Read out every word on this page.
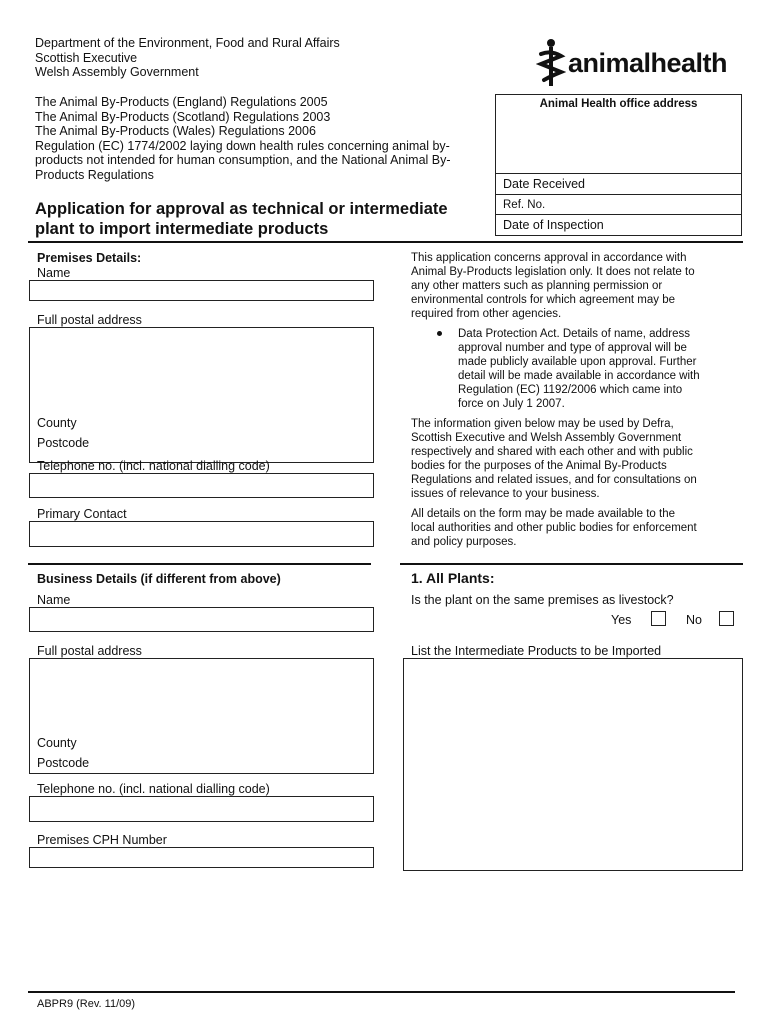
Department of the Environment, Food and Rural Affairs
Scottish Executive
Welsh Assembly Government	animalhealth
The Animal By-Products (England) Regulations 2005
The Animal By-Products (Scotland) Regulations 2003
The Animal By-Products (Wales) Regulations 2006
Regulation (EC) 1774/2002 laying down health rules concerning animal by-
products not intended for human consumption, and the National Animal By-
Products Regulations
Application for approval as technical or intermediate
plant to import intermediate products
Animal Health office address
Date Received
Ref. No.
Date of Inspection
Premises Details:
Name
Full postal address
County
Postcode
Telephone no. (incl. national dialling code)
Primary Contact
This application concerns approval in accordance with
Animal By-Products legislation only. It does not relate to
any other matters such as planning permission or
environmental controls for which agreement may be
required from other agencies.
Data Protection Act. Details of name, address
approval number and type of approval will be
made publicly available upon approval. Further
detail will be made available in accordance with
Regulation (EC) 1192/2006 which came into
force on July 1 2007.
The information given below may be used by Defra,
Scottish Executive and Welsh Assembly Government
respectively and shared with each other and with public
bodies for the purposes of the Animal By-Products
Regulations and related issues, and for consultations on
issues of relevance to your business.
All details on the form may be made available to the
local authorities and other public bodies for enforcement
and policy purposes.
Business Details (if different from above)
Name
Full postal address
County
Postcode
Telephone no. (incl. national dialling code)
Premises CPH Number
1. All Plants:
Is the plant on the same premises as livestock?
Yes	No
List the Intermediate Products to be Imported
ABPR9 (Rev. 11/09)
